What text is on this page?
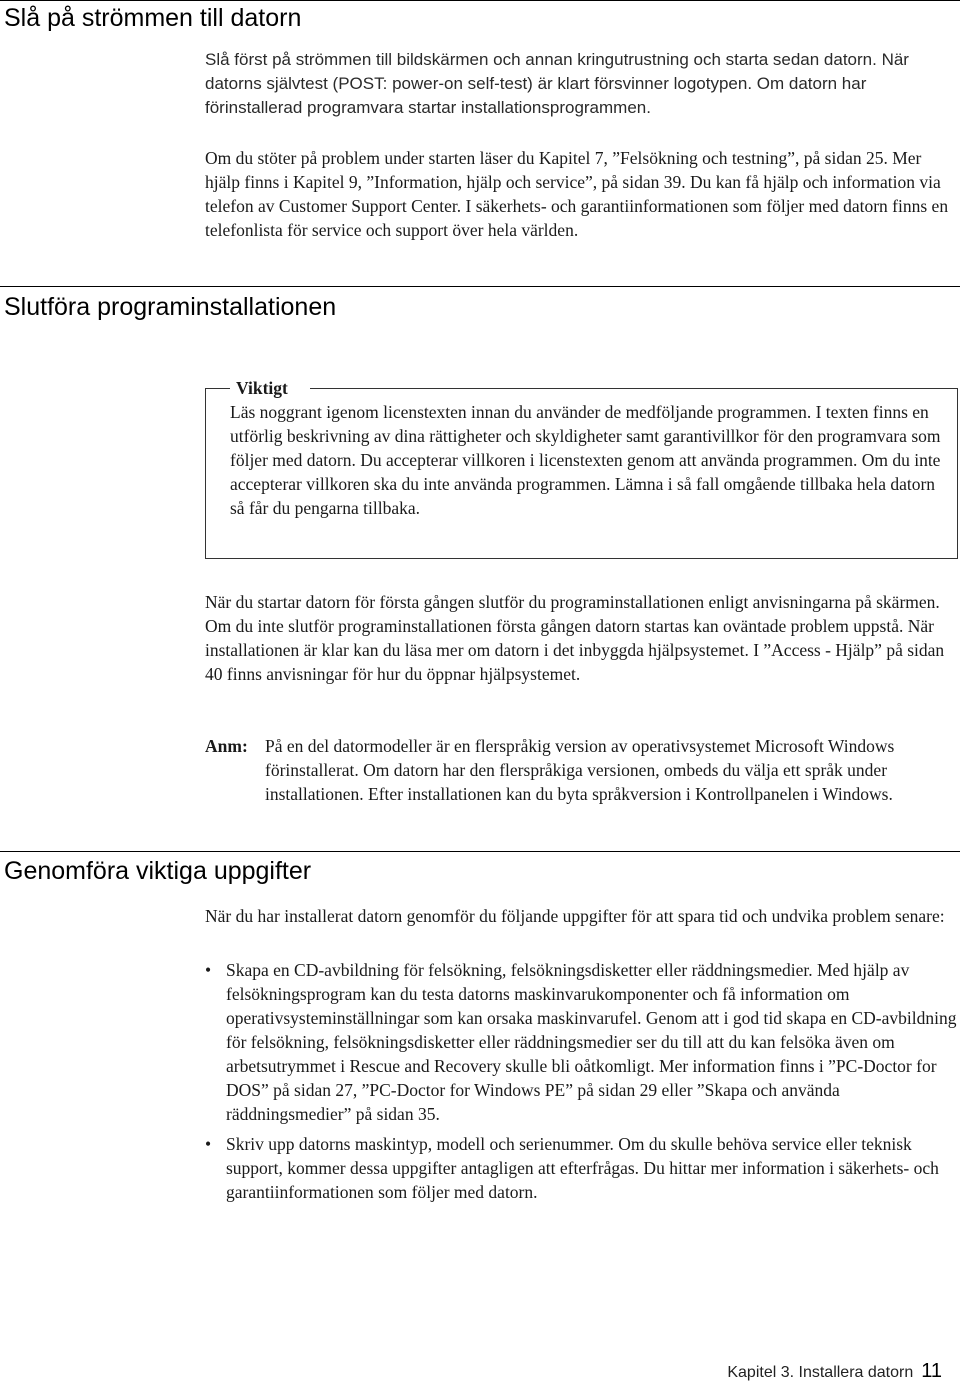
Slå på strömmen till datorn

Slå först på strömmen till bildskärmen och annan kringutrustning och starta sedan datorn. När datorns självtest (POST: power-on self-test) är klart försvinner logotypen. Om datorn har förinstallerad programvara startar installationsprogrammen.

Om du stöter på problem under starten läser du Kapitel 7, ”Felsökning och testning”, på sidan 25. Mer hjälp finns i Kapitel 9, ”Information, hjälp och service”, på sidan 39. Du kan få hjälp och information via telefon av Customer Support Center. I säkerhets- och garantiinformationen som följer med datorn finns en telefonlista för service och support över hela världen.

Slutföra programinstallationen
Viktigt

Läs noggrant igenom licenstexten innan du använder de medföljande programmen. I texten finns en utförlig beskrivning av dina rättigheter och skyldigheter samt garantivillkor för den programvara som följer med datorn. Du accepterar villkoren i licenstexten genom att använda programmen. Om du inte accepterar villkoren ska du inte använda programmen. Lämna i så fall omgående tillbaka hela datorn så får du pengarna tillbaka.

När du startar datorn för första gången slutför du programinstallationen enligt anvisningarna på skärmen. Om du inte slutför programinstallationen första gången datorn startas kan oväntade problem uppstå. När installationen är klar kan du läsa mer om datorn i det inbyggda hjälpsystemet. I ”Access - Hjälp” på sidan 40 finns anvisningar för hur du öppnar hjälpsystemet.

Anm: På en del datormodeller är en flerspråkig version av operativsystemet Microsoft Windows förinstallerat. Om datorn har den flerspråkiga versionen, ombeds du välja ett språk under installationen. Efter installationen kan du byta språkversion i Kontrollpanelen i Windows.

Genomföra viktiga uppgifter

När du har installerat datorn genomför du följande uppgifter för att spara tid och undvika problem senare:

• Skapa en CD-avbildning för felsökning, felsökningsdisketter eller räddningsmedier. Med hjälp av felsökningsprogram kan du testa datorns maskinvarukomponenter och få information om operativsysteminställningar som kan orsaka maskinvarufel. Genom att i god tid skapa en CD-avbildning för felsökning, felsökningsdisketter eller räddningsmedier ser du till att du kan felsöka även om arbetsutrymmet i Rescue and Recovery skulle bli oåtkomligt. Mer information finns i ”PC-Doctor for DOS” på sidan 27, ”PC-Doctor for Windows PE” på sidan 29 eller ”Skapa och använda räddningsmedier” på sidan 35.
• Skriv upp datorns maskintyp, modell och serienummer. Om du skulle behöva service eller teknisk support, kommer dessa uppgifter antagligen att efterfrågas. Du hittar mer information i säkerhets- och garantiinformationen som följer med datorn.
Kapitel 3. Installera datorn 11
